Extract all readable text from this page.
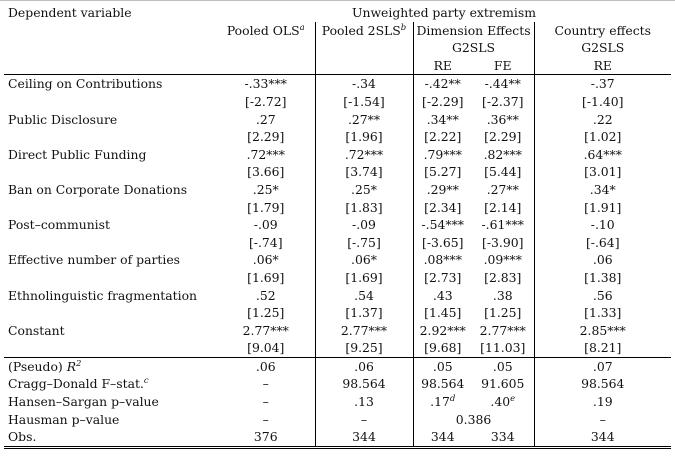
Dependent variable	Unweighted party extremism				
	Pooled OLS$^a$	Pooled 2SLS$^b$	Dimension Effects		Country effects
			G2SLS		G2SLS
			RE	FE	RE
Ceiling on Contributions	-.33***	-.34	-.42**	-.44**	-.37
	[-2.72]	[-1.54]	[-2.29]	[-2.37]	[-1.40]
Public Disclosure	.27	.27**	.34**	.36**	.22
	[2.29]	[1.96]	[2.22]	[2.29]	[1.02]
Direct Public Funding	.72***	.72***	.79***	.82***	.64***
	[3.66]	[3.74]	[5.27]	[5.44]	[3.01]
Ban on Corporate Donations	.25*	.25*	.29**	.27**	.34*
	[1.79]	[1.83]	[2.34]	[2.14]	[1.91]
Post–communist	-.09	-.09	-.54***	-.61***	-.10
	[-.74]	[-.75]	[-3.65]	[-3.90]	[-.64]
Effective number of parties	.06*	.06*	.08***	.09***	.06
	[1.69]	[1.69]	[2.73]	[2.83]	[1.38]
Ethnolinguistic fragmentation	.52	.54	.43	.38	.56
	[1.25]	[1.37]	[1.45]	[1.25]	[1.33]
Constant	2.77***	2.77***	2.92***	2.77***	2.85***
	[9.04]	[9.25]	[9.68]	[11.03]	[8.21]
(Pseudo) $R^2$	.06	.06	.05	.05	.07
Cragg–Donald F–stat.$^c$	–	98.564	98.564	91.605	98.564
Hansen–Sargan p–value	–	.13	.17$^d$	.40e	.19
Hausman p–value	–	–	0.386		–
Obs.	376	344	344	334	344
